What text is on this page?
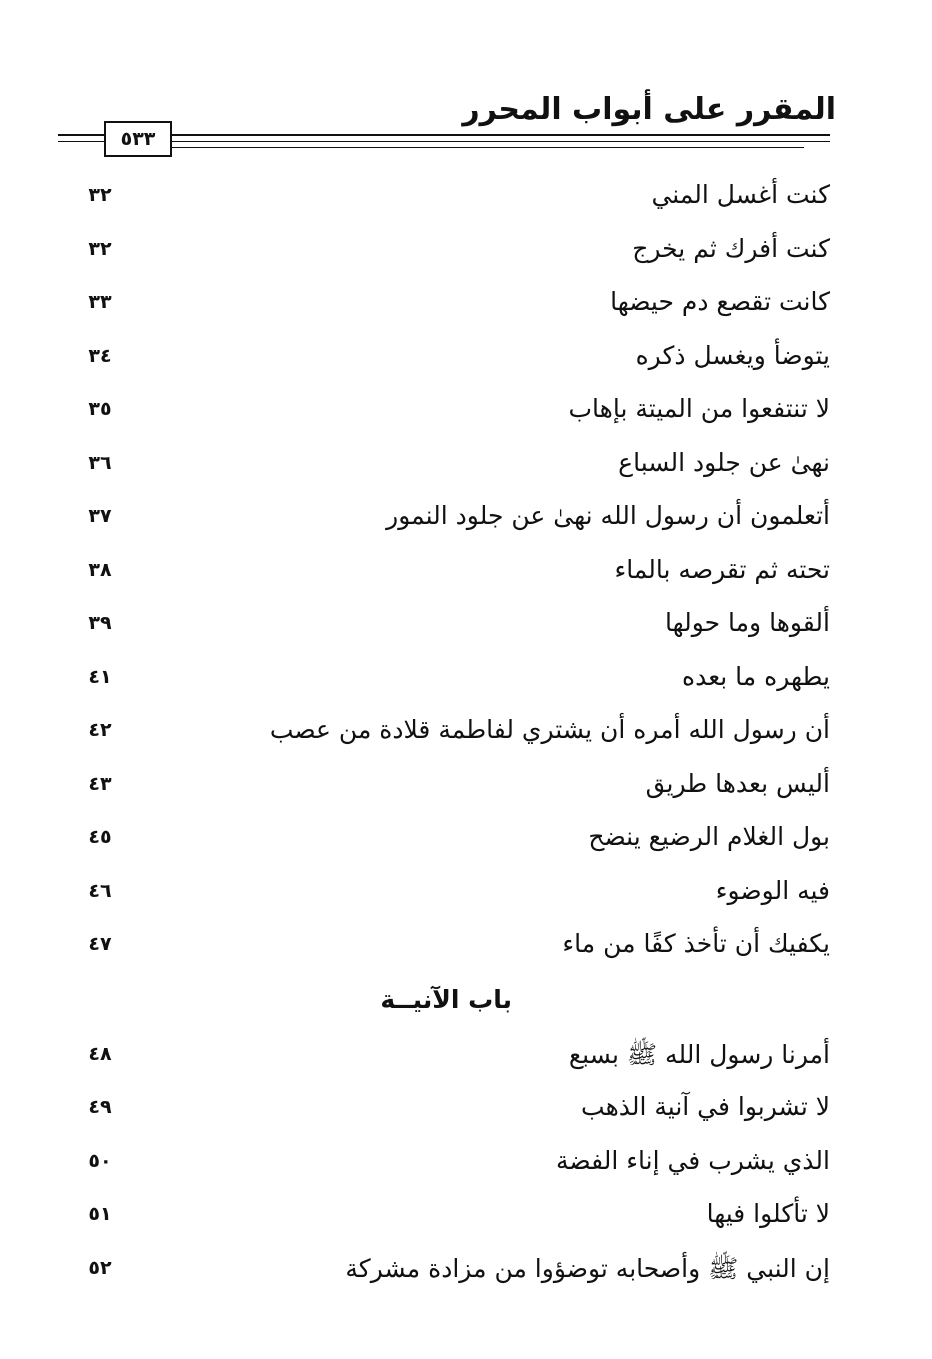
المقرر على أبواب المحرر
٥٣٣
كنت أغسل المني
٣٢
كنت أفرك ثم يخرج
٣٢
كانت تقصع دم حيضها
٣٣
يتوضأ ويغسل ذكره
٣٤
لا تنتفعوا من الميتة بإهاب
٣٥
نهىٰ عن جلود السباع
٣٦
أتعلمون أن رسول الله نهىٰ عن جلود النمور
٣٧
تحته ثم تقرصه بالماء
٣٨
ألقوها وما حولها
٣٩
يطهره ما بعده
٤١
أن رسول الله أمره أن يشتري لفاطمة قلادة من عصب
٤٢
أليس بعدها طريق
٤٣
بول الغلام الرضيع ينضح
٤٥
فيه الوضوء
٤٦
يكفيك أن تأخذ كفًا من ماء
٤٧
باب الآنيــة
أمرنا رسول الله ﷺ بسبع
٤٨
لا تشربوا في آنية الذهب
٤٩
الذي يشرب في إناء الفضة
٥٠
لا تأكلوا فيها
٥١
إن النبي ﷺ وأصحابه توضؤوا من مزادة مشركة
٥٢
